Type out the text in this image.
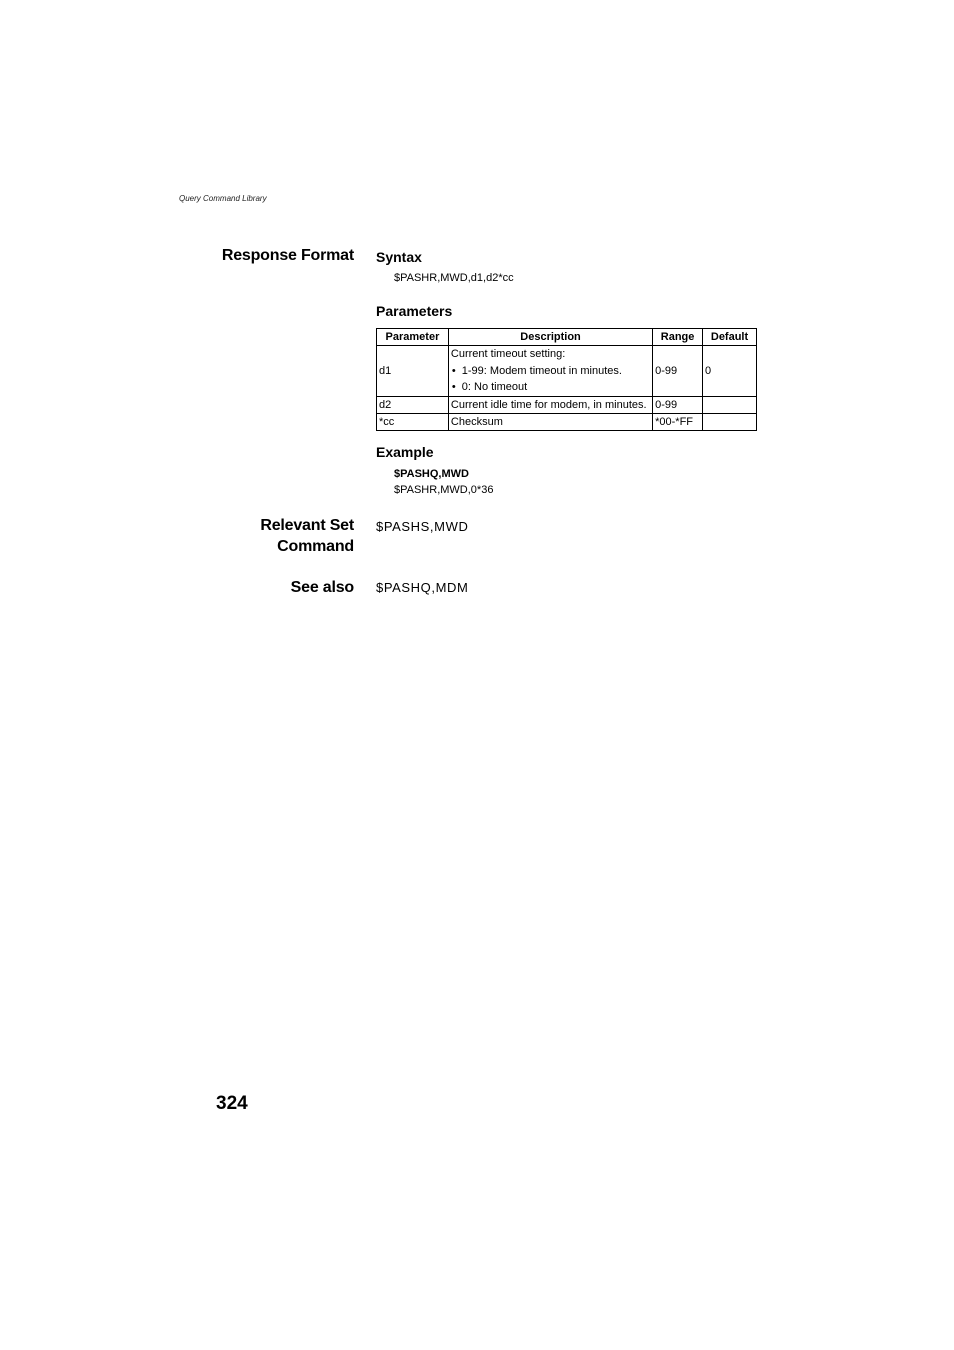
Query Command Library
Response Format Syntax
$PASHR,MWD,d1,d2*cc
Parameters
Parameter	Description	Range	Default
d1	Current timeout setting:
• 1-99: Modem timeout in minutes.
• 0: No timeout	0-99	0
d2	Current idle time for modem, in minutes.	0-99	
*cc	Checksum	*00-*FF	
Example
$PASHQ,MWD
$PASHR,MWD,0*36
Relevant Set
Command
$PASHS,MWD
See also $PASHQ,MDM
324
